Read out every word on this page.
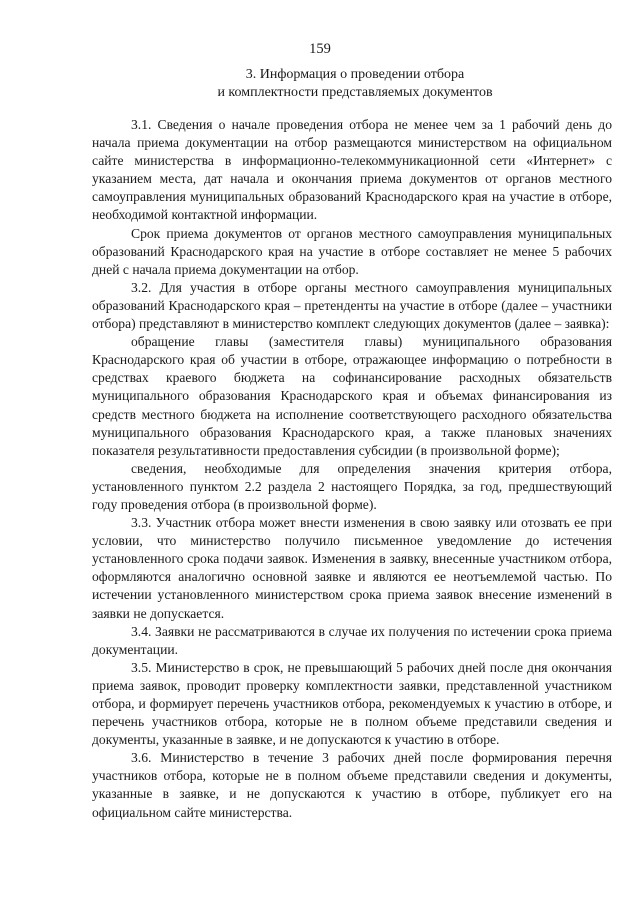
159
3. Информация о проведении отбора
и комплектности представляемых документов

3.1. Сведения о начале проведения отбора не менее чем за 1 рабочий день до начала приема документации на отбор размещаются министерством на официальном сайте министерства в информационно-телекоммуникационной сети «Интернет» с указанием места, дат начала и окончания приема документов от органов местного самоуправления муниципальных образований Краснодарского края на участие в отборе, необходимой контактной информации.

Срок приема документов от органов местного самоуправления муниципальных образований Краснодарского края на участие в отборе составляет не менее 5 рабочих дней с начала приема документации на отбор.

3.2. Для участия в отборе органы местного самоуправления муниципальных образований Краснодарского края – претенденты на участие в отборе (далее – участники отбора) представляют в министерство комплект следующих документов (далее – заявка):

обращение главы (заместителя главы) муниципального образования Краснодарского края об участии в отборе, отражающее информацию о потребности в средствах краевого бюджета на софинансирование расходных обязательств муниципального образования Краснодарского края и объемах финансирования из средств местного бюджета на исполнение соответствующего расходного обязательства муниципального образования Краснодарского края, а также плановых значениях показателя результативности предоставления субсидии (в произвольной форме);

сведения, необходимые для определения значения критерия отбора, установленного пунктом 2.2 раздела 2 настоящего Порядка, за год, предшествующий году проведения отбора (в произвольной форме).

3.3. Участник отбора может внести изменения в свою заявку или отозвать ее при условии, что министерство получило письменное уведомление до истечения установленного срока подачи заявок. Изменения в заявку, внесенные участником отбора, оформляются аналогично основной заявке и являются ее неотъемлемой частью. По истечении установленного министерством срока приема заявок внесение изменений в заявки не допускается.

3.4. Заявки не рассматриваются в случае их получения по истечении срока приема документации.

3.5. Министерство в срок, не превышающий 5 рабочих дней после дня окончания приема заявок, проводит проверку комплектности заявки, представленной участником отбора, и формирует перечень участников отбора, рекомендуемых к участию в отборе, и перечень участников отбора, которые не в полном объеме представили сведения и документы, указанные в заявке, и не допускаются к участию в отборе.

3.6. Министерство в течение 3 рабочих дней после формирования перечня участников отбора, которые не в полном объеме представили сведения и документы, указанные в заявке, и не допускаются к участию в отборе, публикует его на официальном сайте министерства.
